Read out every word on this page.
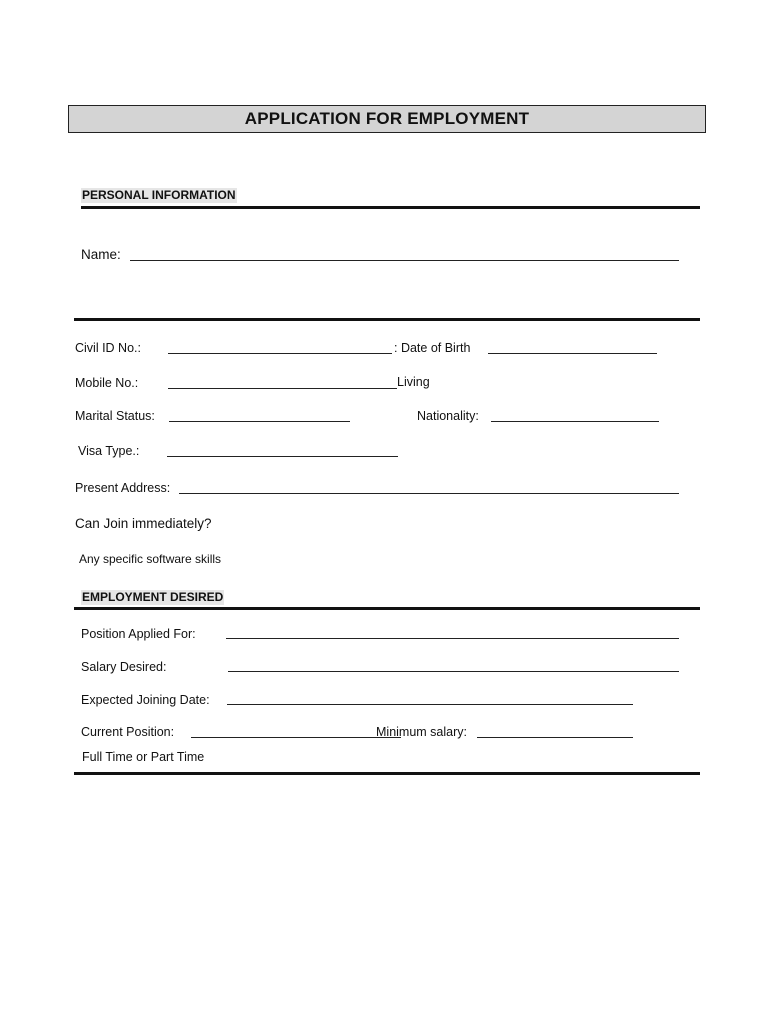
APPLICATION FOR EMPLOYMENT
PERSONAL INFORMATION
Name:
Civil ID No.:	: Date of Birth
Mobile No.:	Living
Marital Status:	Nationality:
Visa Type.:
Present Address:
Can Join immediately?
Any specific software skills
EMPLOYMENT DESIRED
Position Applied For:
Salary Desired:
Expected Joining Date:
Current Position:	Minimum salary:
Full Time or Part Time
